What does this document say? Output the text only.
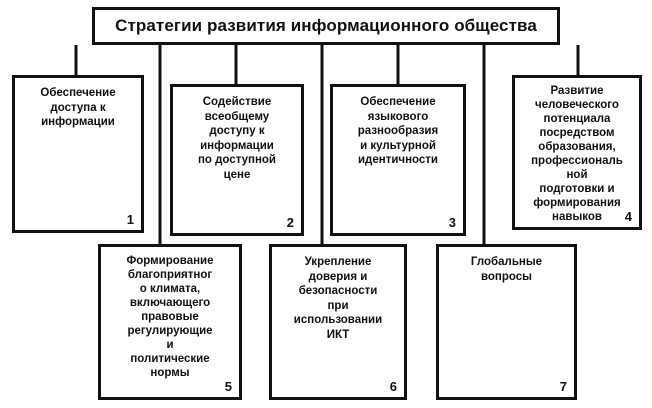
Стратегии развития информационного общества
Обеспечение
доступа к
информации
1
Содействие
всеобщему
доступу к
информации
по доступной
цене
2
Обеспечение
языкового
разнообразия
и культурной
идентичности
3
Развитие
человеческого
потенциала
посредством
образования,
профессиональ
ной
подготовки и
формирования
навыков	4
Формирование
благоприятног
о климата,
включающего
правовые
регулирующие
и
политические
нормы
5
Укрепление
доверия и
безопасности
при
использовании
ИКТ
6
Глобальные
вопросы
7
